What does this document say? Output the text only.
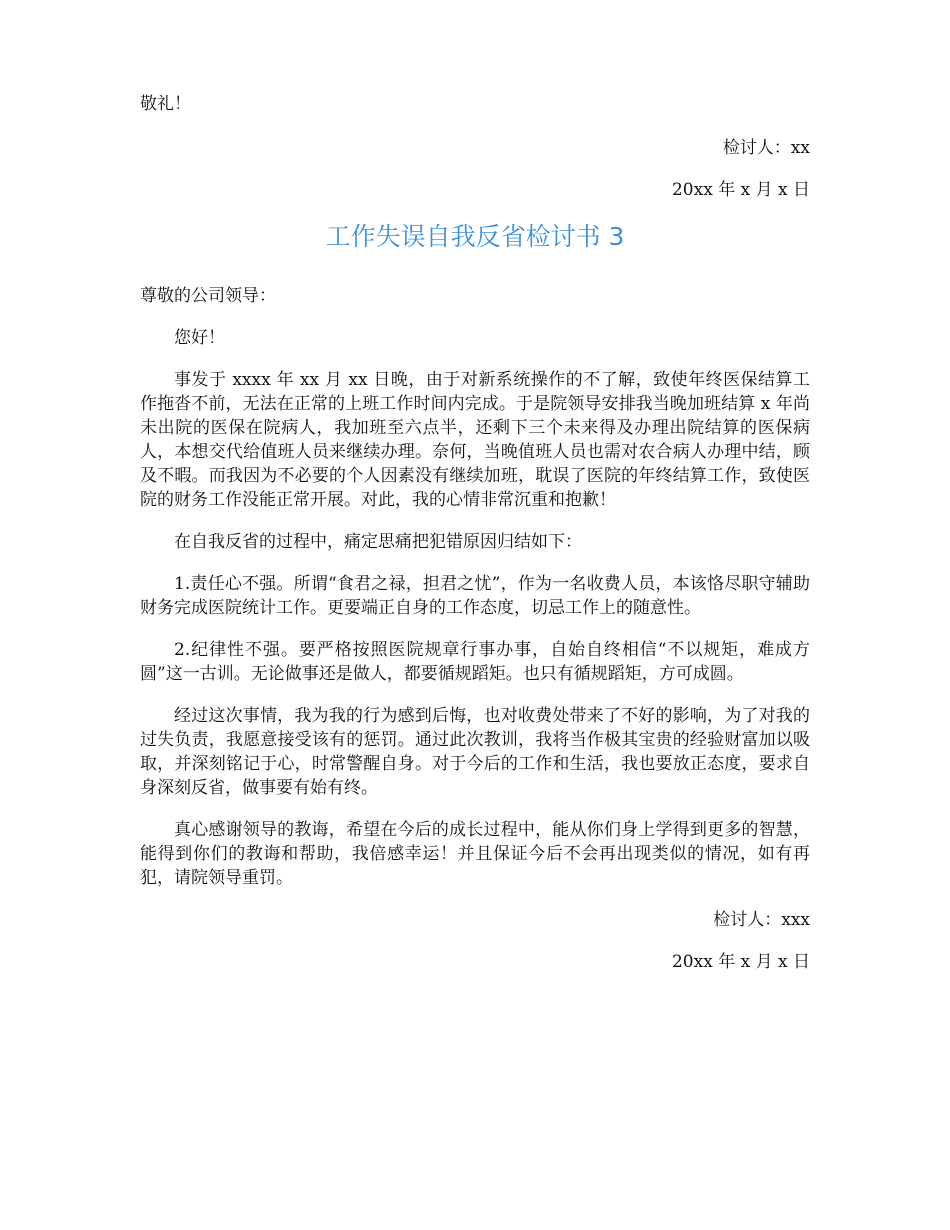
敬礼！

检讨人：xx

20xx 年 x 月 x 日

工作失误自我反省检讨书 3

尊敬的公司领导：

您好！

事发于 xxxx 年 xx 月 xx 日晚，由于对新系统操作的不了解，致使年终医保结算工作拖沓不前，无法在正常的上班工作时间内完成。于是院领导安排我当晚加班结算 x 年尚未出院的医保在院病人，我加班至六点半，还剩下三个未来得及办理出院结算的医保病人，本想交代给值班人员来继续办理。奈何，当晚值班人员也需对农合病人办理中结，顾及不暇。而我因为不必要的个人因素没有继续加班，耽误了医院的年终结算工作，致使医院的财务工作没能正常开展。对此，我的心情非常沉重和抱歉！

在自我反省的过程中，痛定思痛把犯错原因归结如下：

1.责任心不强。所谓“食君之禄，担君之忧”，作为一名收费人员，本该恪尽职守辅助财务完成医院统计工作。更要端正自身的工作态度，切忌工作上的随意性。

2.纪律性不强。要严格按照医院规章行事办事，自始自终相信“不以规矩，难成方圆”这一古训。无论做事还是做人，都要循规蹈矩。也只有循规蹈矩，方可成圆。

经过这次事情，我为我的行为感到后悔，也对收费处带来了不好的影响，为了对我的过失负责，我愿意接受该有的惩罚。通过此次教训，我将当作极其宝贵的经验财富加以吸取，并深刻铭记于心，时常警醒自身。对于今后的工作和生活，我也要放正态度，要求自身深刻反省，做事要有始有终。

真心感谢领导的教诲，希望在今后的成长过程中，能从你们身上学得到更多的智慧，能得到你们的教诲和帮助，我倍感幸运！并且保证今后不会再出现类似的情况，如有再犯，请院领导重罚。

检讨人：xxx

20xx 年 x 月 x 日
